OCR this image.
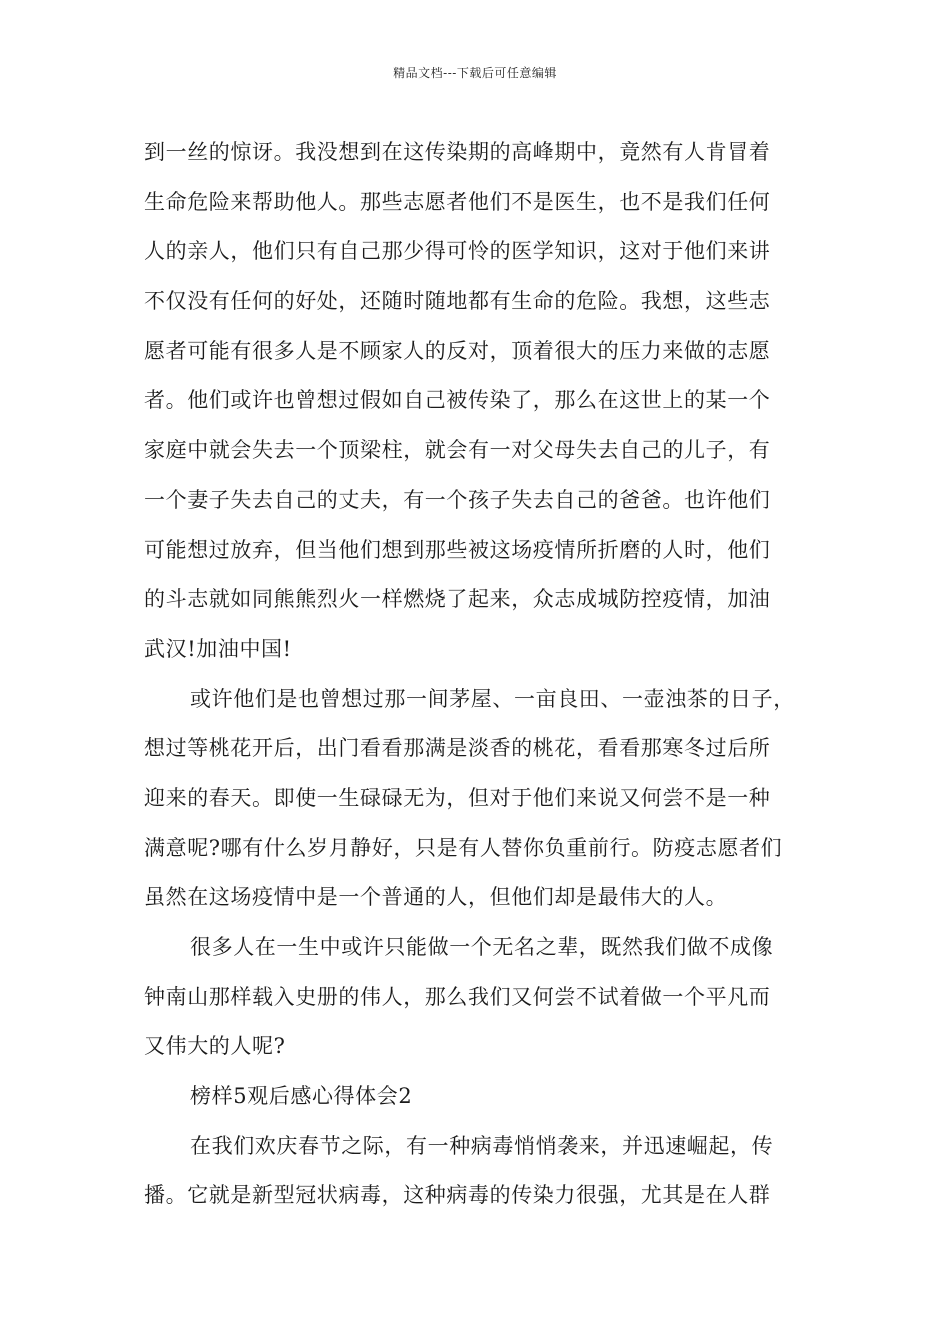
精品文档---下载后可任意编辑
到一丝的惊讶。我没想到在这传染期的高峰期中，竟然有人肯冒着
生命危险来帮助他人。那些志愿者他们不是医生，也不是我们任何
人的亲人，他们只有自己那少得可怜的医学知识，这对于他们来讲
不仅没有任何的好处，还随时随地都有生命的危险。我想，这些志
愿者可能有很多人是不顾家人的反对，顶着很大的压力来做的志愿
者。他们或许也曾想过假如自己被传染了，那么在这世上的某一个
家庭中就会失去一个顶梁柱，就会有一对父母失去自己的儿子，有
一个妻子失去自己的丈夫，有一个孩子失去自己的爸爸。也许他们
可能想过放弃，但当他们想到那些被这场疫情所折磨的人时，他们
的斗志就如同熊熊烈火一样燃烧了起来，众志成城防控疫情，加油
武汉!加油中国!
或许他们是也曾想过那一间茅屋、一亩良田、一壶浊茶的日子，
想过等桃花开后，出门看看那满是淡香的桃花，看看那寒冬过后所
迎来的春天。即使一生碌碌无为，但对于他们来说又何尝不是一种
满意呢?哪有什么岁月静好，只是有人替你负重前行。防疫志愿者们
虽然在这场疫情中是一个普通的人，但他们却是最伟大的人。
很多人在一生中或许只能做一个无名之辈，既然我们做不成像
钟南山那样载入史册的伟人，那么我们又何尝不试着做一个平凡而
又伟大的人呢?
榜样5观后感心得体会2
在我们欢庆春节之际，有一种病毒悄悄袭来，并迅速崛起，传
播。它就是新型冠状病毒，这种病毒的传染力很强，尤其是在人群
